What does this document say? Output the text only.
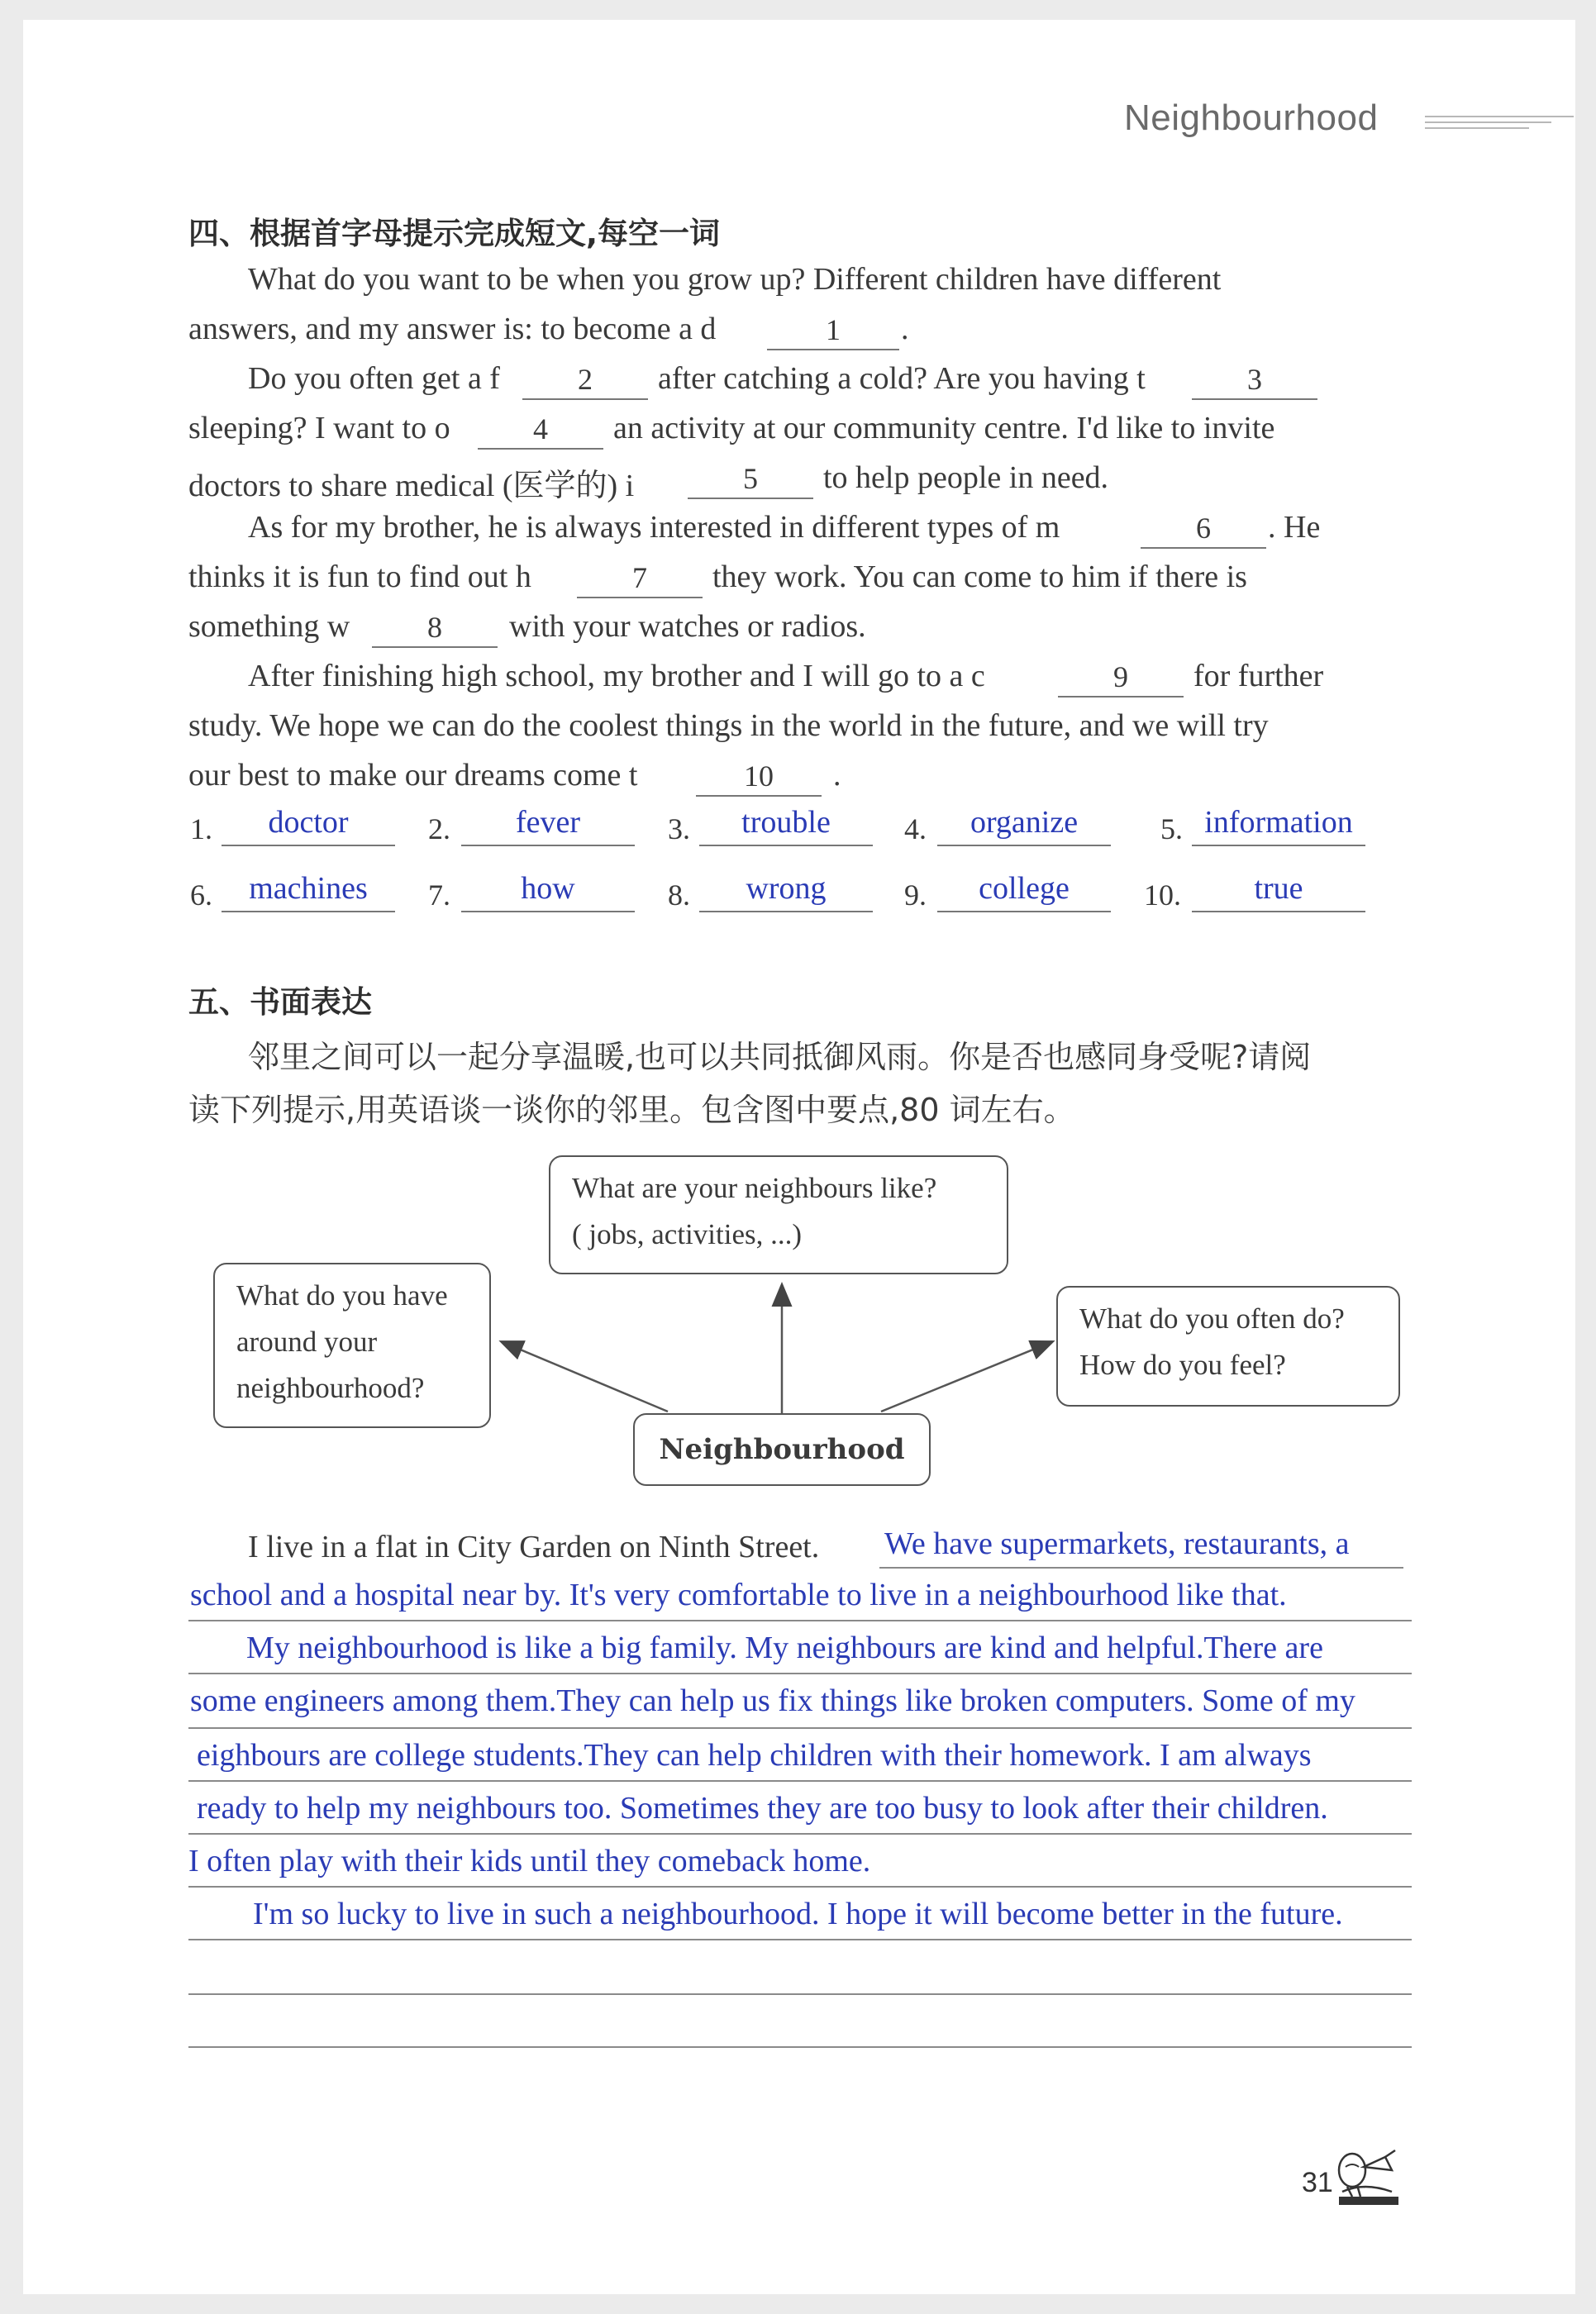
Neighbourhood
四、根据首字母提示完成短文,每空一词
What do you want to be when you grow up? Different children have different
answers, and my answer is: to become a d	1	.
Do you often get a f	2	after catching a cold? Are you having t	3
sleeping? I want to o	4	an activity at our community centre. I'd like to invite
doctors to share medical (医学的) i	5	to help people in need.
As for my brother, he is always interested in different types of m	6	. He
thinks it is fun to find out h	7	they work. You can come to him if there is
something w	8	with your watches or radios.
After finishing high school, my brother and I will go to a c	9	for further
study. We hope we can do the coolest things in the world in the future, and we will try
our best to make our dreams come t	10	.
1.	doctor	2.	fever	3.	trouble	4.	organize	5. information
6.	machines	7.	how	8.	wrong	9.	college	10.	true
五、书面表达
邻里之间可以一起分享温暖,也可以共同抵御风雨。你是否也感同身受呢?请阅
读下列提示,用英语谈一谈你的邻里。包含图中要点,80 词左右。
What are your neighbours like?
( jobs, activities, ...)
What do you have
around your
neighbourhood?
What do you often do?
How do you feel?
Neighbourhood
I live in a flat in City Garden on Ninth Street. We have supermarkets, restaurants, a
school and a hospital near by. It's very comfortable to live in a neighbourhood like that.
My neighbourhood is like a big family. My neighbours are kind and helpful.There are
some engineers among them.They can help us fix things like broken computers. Some of my
eighbours are college students.They can help children with their homework. I am always
ready to help my neighbours too. Sometimes they are too busy to look after their children.
I often play with their kids until they comeback home.
I'm so lucky to live in such a neighbourhood. I hope it will become better in the future.
31
